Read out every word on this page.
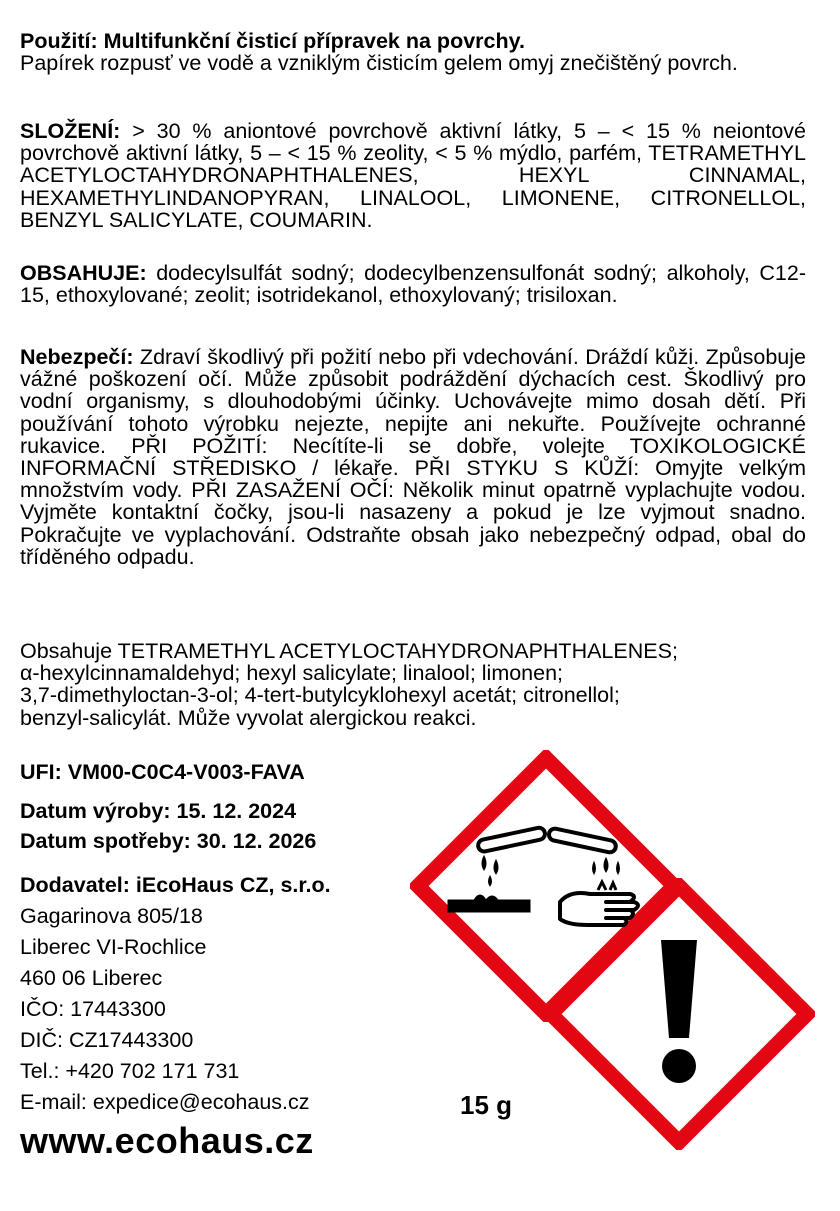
Použití: Multifunkční čisticí přípravek na povrchy.
Papírek rozpusť ve vodě a vzniklým čisticím gelem omyj znečištěný povrch.

SLOŽENÍ: > 30 % aniontové povrchově aktivní látky, 5 – < 15 % neiontové povrchově aktivní látky, 5 – < 15 % zeolity, < 5 % mýdlo, parfém, TETRAMETHYL ACETYLOCTAHYDRONAPHTHALENES, HEXYL CINNAMAL, HEXAMETHYLINDANOPYRAN, LINALOOL, LIMONENE, CITRONELLOL, BENZYL SALICYLATE, COUMARIN.

OBSAHUJE: dodecylsulfát sodný; dodecylbenzensulfonát sodný; alkoholy, C12-15, ethoxylované; zeolit; isotridekanol, ethoxylovaný; trisiloxan.

Nebezpečí: Zdraví škodlivý při požití nebo při vdechování. Dráždí kůži. Způsobuje vážné poškození očí. Může způsobit podráždění dýchacích cest. Škodlivý pro vodní organismy, s dlouhodobými účinky. Uchovávejte mimo dosah dětí. Při používání tohoto výrobku nejezte, nepijte ani nekuřte. Používejte ochranné rukavice. PŘI POŽITÍ: Necítíte-li se dobře, volejte TOXIKOLOGICKÉ INFORMAČNÍ STŘEDISKO / lékaře. PŘI STYKU S KŮŽÍ: Omyjte velkým množstvím vody. PŘI ZASAŽENÍ OČÍ: Několik minut opatrně vyplachujte vodou. Vyjměte kontaktní čočky, jsou-li nasazeny a pokud je lze vyjmout snadno. Pokračujte ve vyplachování. Odstraňte obsah jako nebezpečný odpad, obal do tříděného odpadu.

Obsahuje TETRAMETHYL ACETYLOCTAHYDRONAPHTHALENES;
α-hexylcinnamaldehyd; hexyl salicylate; linalool; limonen;
3,7-dimethyloctan-3-ol; 4-tert-butylcyklohexyl acetát; citronellol;
benzyl-salicylát. Může vyvolat alergickou reakci.
UFI: VM00-C0C4-V003-FAVA
Datum výroby: 15. 12. 2024
Datum spotřeby: 30. 12. 2026
Dodavatel: iEcoHaus CZ, s.r.o.
Gagarinova 805/18
Liberec VI-Rochlice
460 06 Liberec
IČO: 17443300
DIČ: CZ17443300
Tel.: +420 702 171 731
E-mail: expedice@ecohaus.cz
www.ecohaus.cz
15 g
